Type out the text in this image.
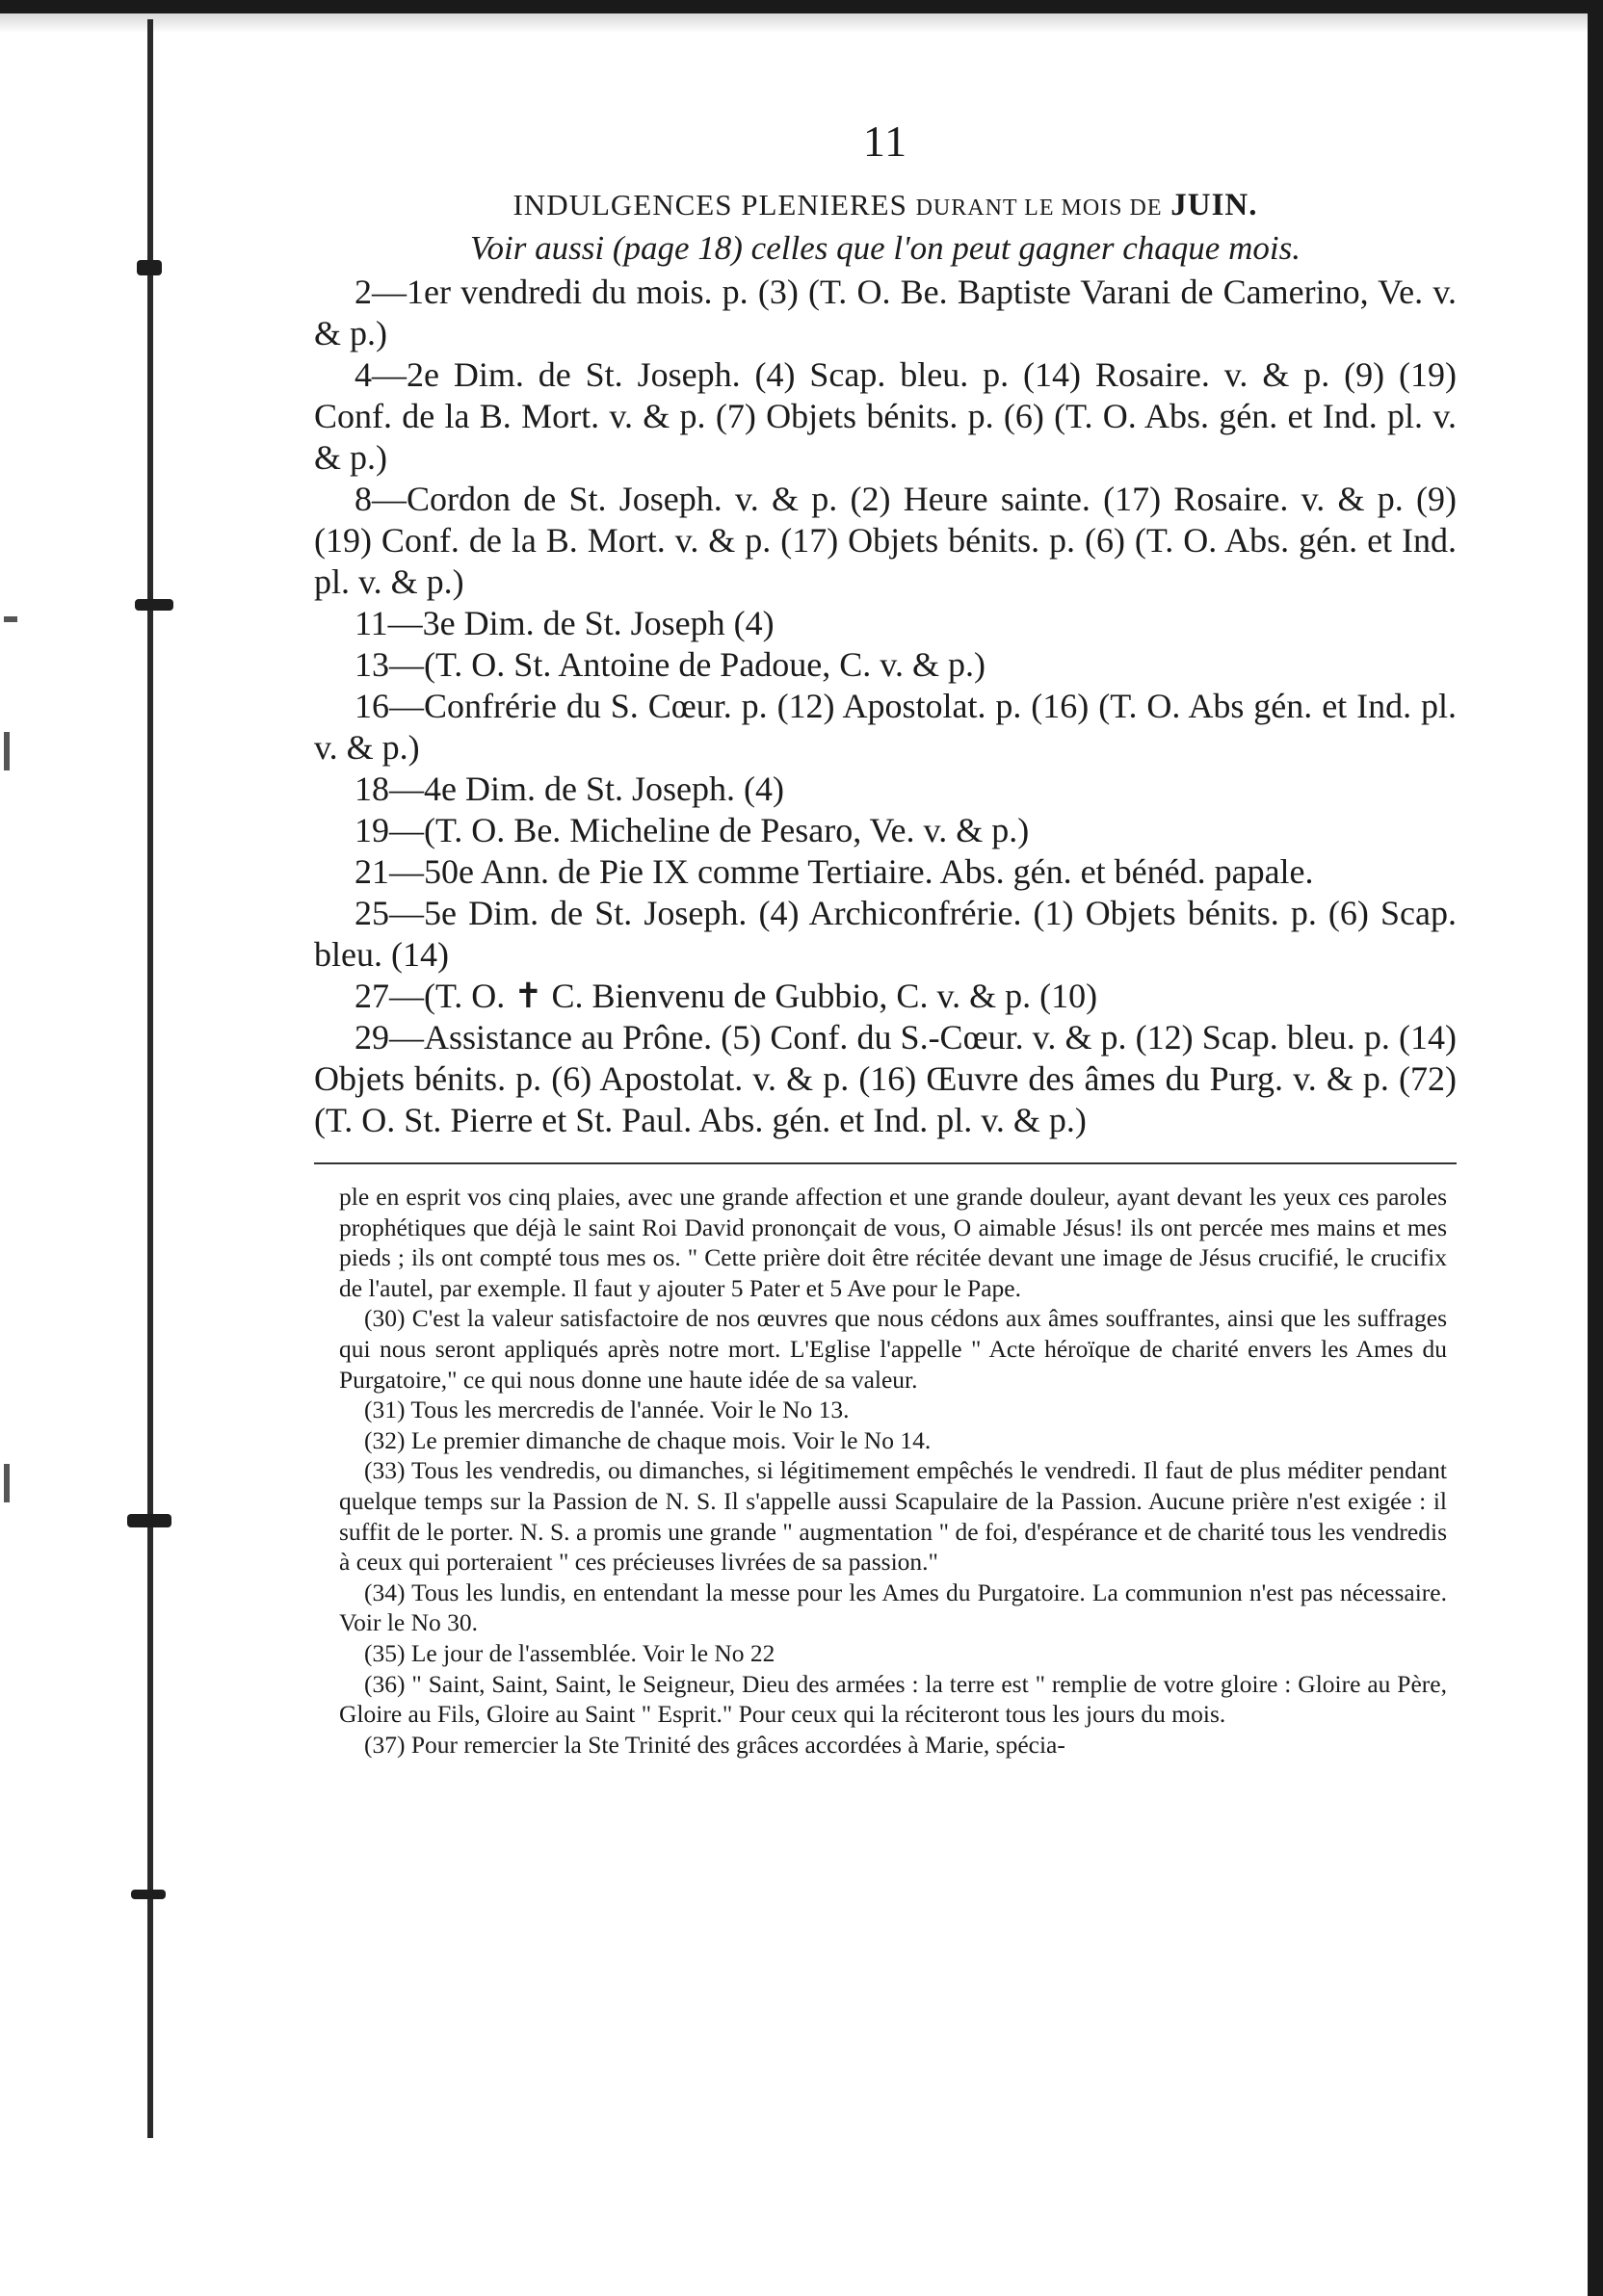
11

INDULGENCES PLENIERES DURANT LE MOIS DE JUIN.

Voir aussi (page 18) celles que l'on peut gagner chaque mois.

2—1er vendredi du mois. p. (3) (T. O. Be. Baptiste Varani de Camerino, Ve. v. & p.)

4—2e Dim. de St. Joseph. (4) Scap. bleu. p. (14) Rosaire. v. & p. (9) (19) Conf. de la B. Mort. v. & p. (7) Objets bénits. p. (6) (T. O. Abs. gén. et Ind. pl. v. & p.)

8—Cordon de St. Joseph. v. & p. (2) Heure sainte. (17) Rosaire. v. & p. (9) (19) Conf. de la B. Mort. v. & p. (17) Objets bénits. p. (6) (T. O. Abs. gén. et Ind. pl. v. & p.)

11—3e Dim. de St. Joseph (4)

13—(T. O. St. Antoine de Padoue, C. v. & p.)

16—Confrérie du S. Cœur. p. (12) Apostolat. p. (16) (T. O. Abs gén. et Ind. pl. v. & p.)

18—4e Dim. de St. Joseph. (4)

19—(T. O. Be. Micheline de Pesaro, Ve. v. & p.)

21—50e Ann. de Pie IX comme Tertiaire. Abs. gén. et bénéd. papale.

25—5e Dim. de St. Joseph. (4) Archiconfrérie. (1) Objets bénits. p. (6) Scap. bleu. (14)

27—(T. O. ✝ C. Bienvenu de Gubbio, C. v. & p. (10)

29—Assistance au Prône. (5) Conf. du S.-Cœur. v. & p. (12) Scap. bleu. p. (14) Objets bénits. p. (6) Apostolat. v. & p. (16) Œuvre des âmes du Purg. v. & p. (72) (T. O. St. Pierre et St. Paul. Abs. gén. et Ind. pl. v. & p.)

ple en esprit vos cinq plaies, avec une grande affection et une grande douleur, ayant devant les yeux ces paroles prophétiques que déjà le saint Roi David prononçait de vous, O aimable Jésus! ils ont percée mes mains et mes pieds ; ils ont compté tous mes os. " Cette prière doit être récitée devant une image de Jésus crucifié, le crucifix de l'autel, par exemple. Il faut y ajouter 5 Pater et 5 Ave pour le Pape.

(30) C'est la valeur satisfactoire de nos œuvres que nous cédons aux âmes souffrantes, ainsi que les suffrages qui nous seront appliqués après notre mort. L'Eglise l'appelle " Acte héroïque de charité envers les Ames du Purgatoire," ce qui nous donne une haute idée de sa valeur.

(31) Tous les mercredis de l'année. Voir le No 13.

(32) Le premier dimanche de chaque mois. Voir le No 14.

(33) Tous les vendredis, ou dimanches, si légitimement empêchés le vendredi. Il faut de plus méditer pendant quelque temps sur la Passion de N. S. Il s'appelle aussi Scapulaire de la Passion. Aucune prière n'est exigée : il suffit de le porter. N. S. a promis une grande " augmentation " de foi, d'espérance et de charité tous les vendredis à ceux qui porteraient " ces précieuses livrées de sa passion."

(34) Tous les lundis, en entendant la messe pour les Ames du Purgatoire. La communion n'est pas nécessaire. Voir le No 30.

(35) Le jour de l'assemblée. Voir le No 22

(36) " Saint, Saint, Saint, le Seigneur, Dieu des armées : la terre est " remplie de votre gloire : Gloire au Père, Gloire au Fils, Gloire au Saint " Esprit." Pour ceux qui la réciteront tous les jours du mois.

(37) Pour remercier la Ste Trinité des grâces accordées à Marie, spécia-
